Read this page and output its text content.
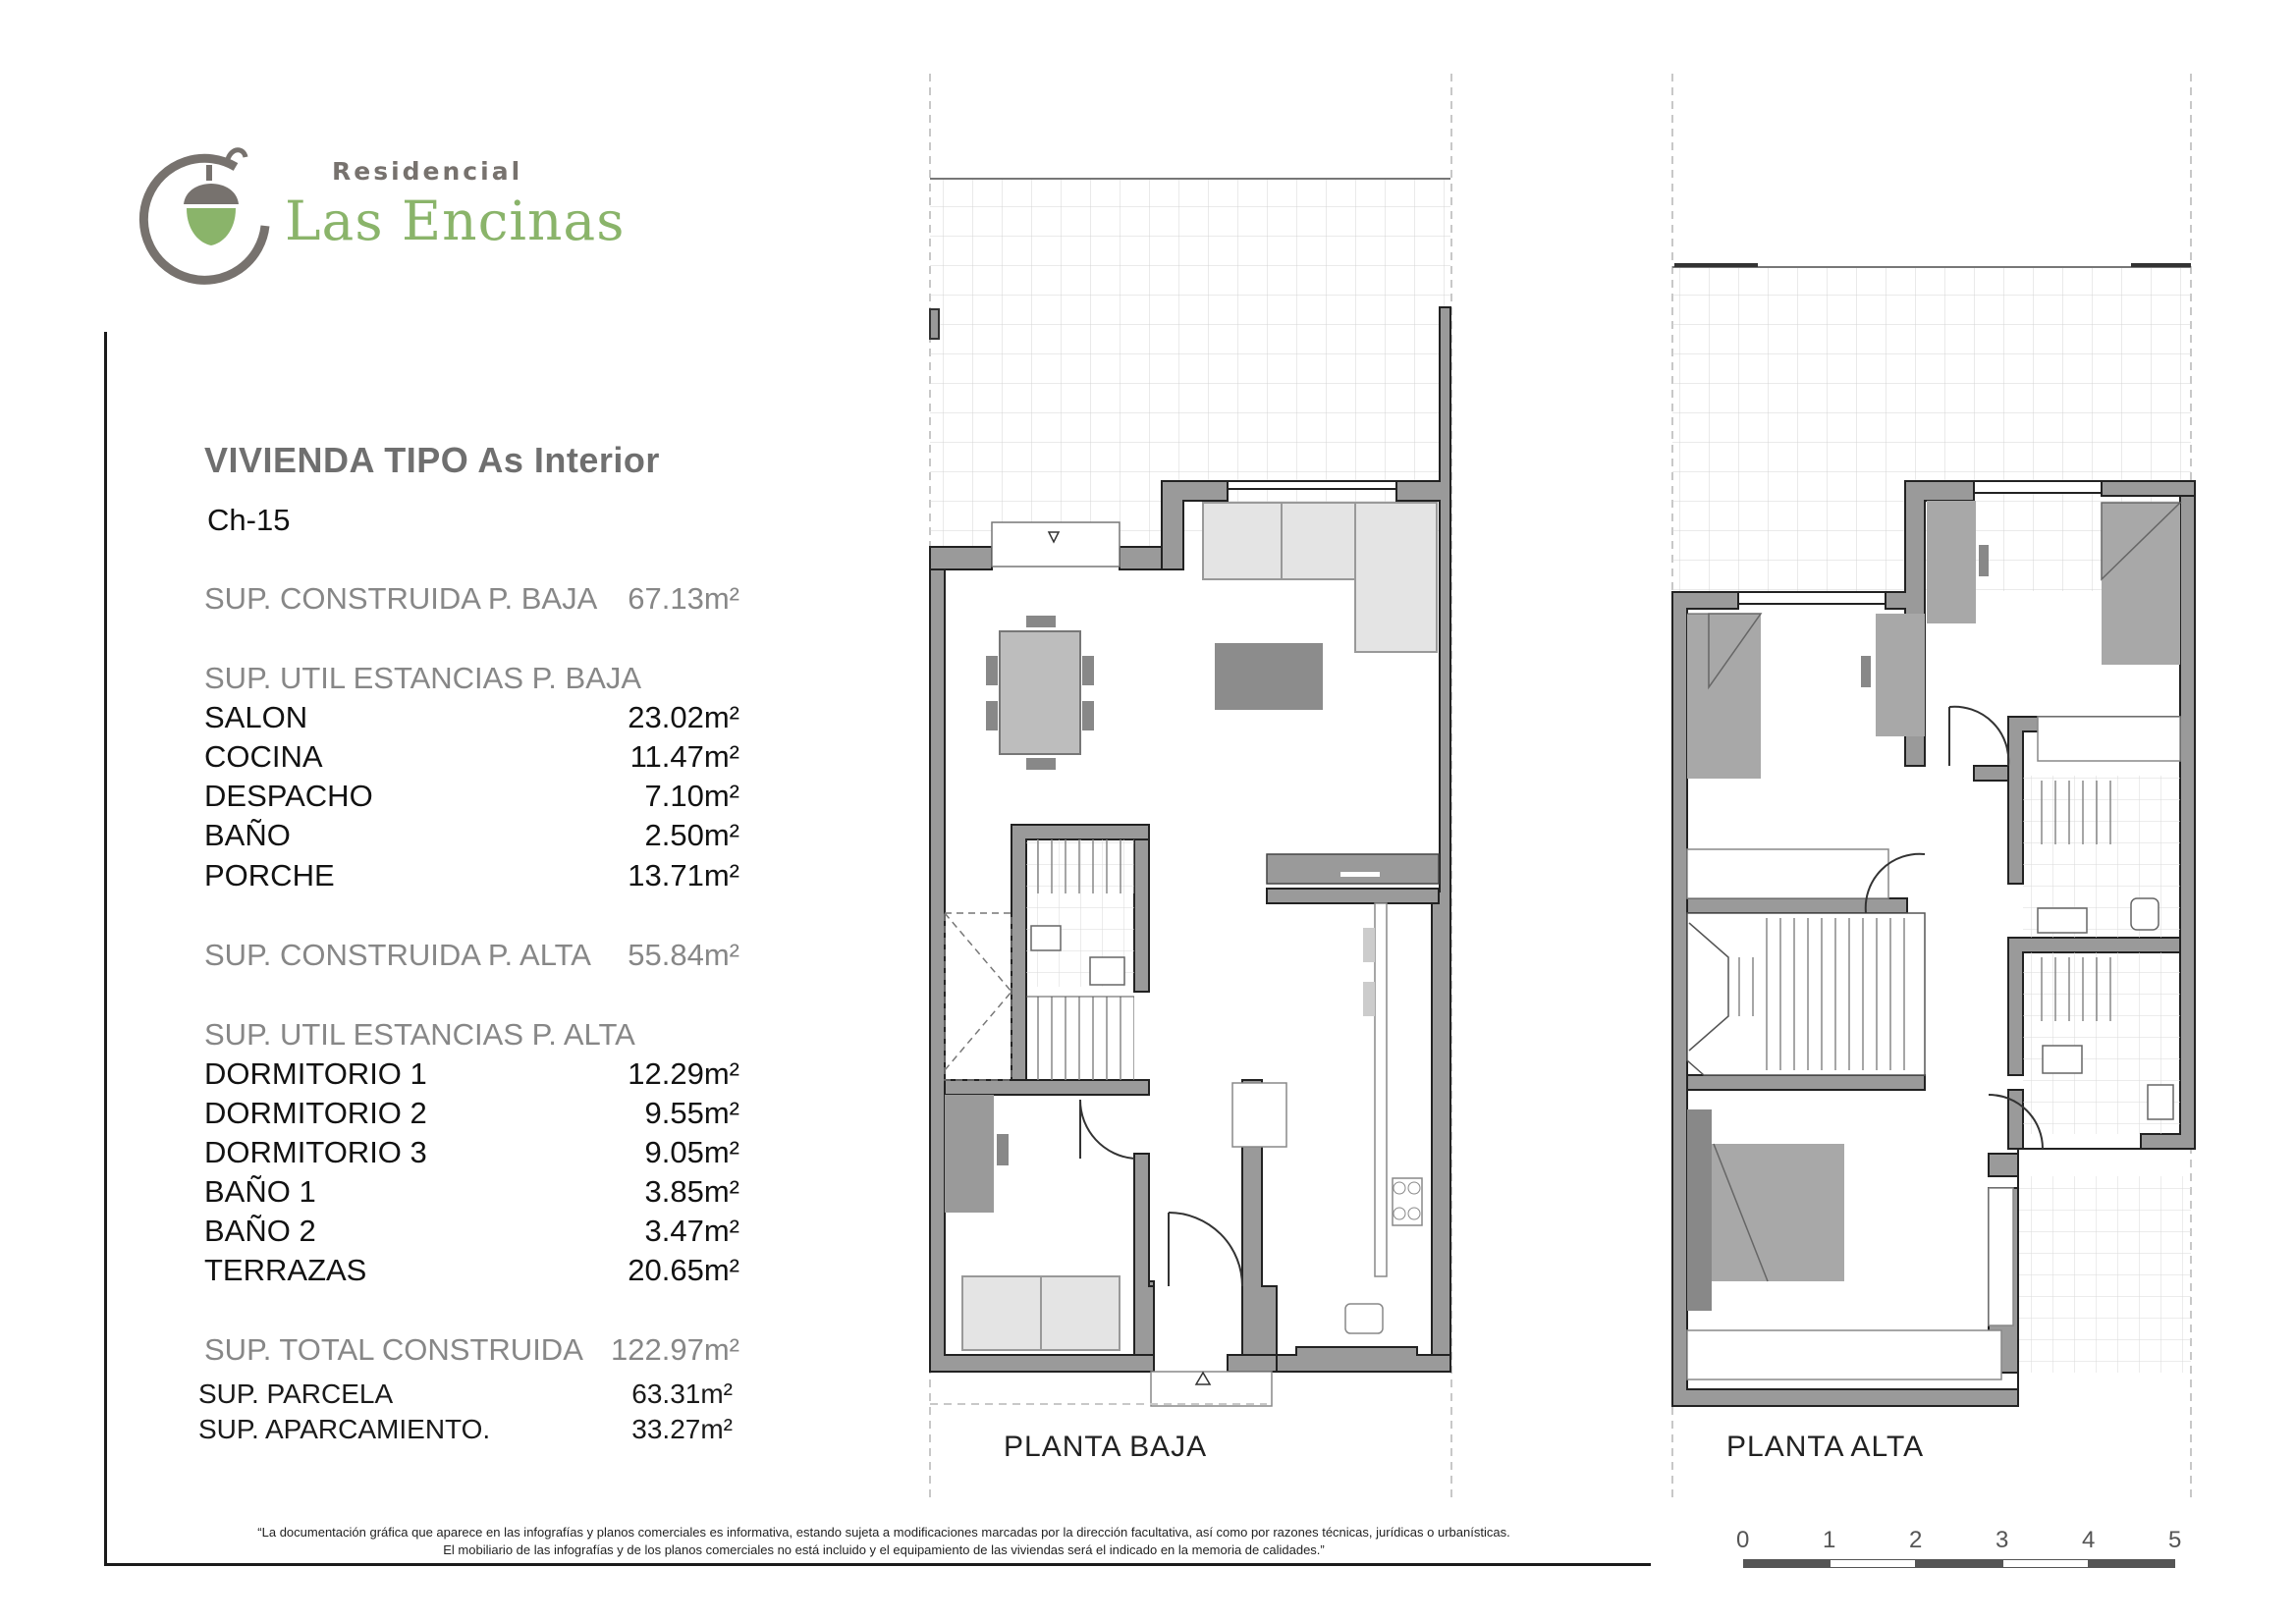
Residencial
Las Encinas
VIVIENDA TIPO As Interior
Ch-15
SUP. CONSTRUIDA P. BAJA 67.13m²
SUP. UTIL ESTANCIAS P. BAJA
SALON	23.02m²
COCINA	11.47m²
DESPACHO	7.10m²
BAÑO	2.50m²
PORCHE	13.71m²
SUP. CONSTRUIDA P. ALTA 55.84m²
SUP. UTIL ESTANCIAS P. ALTA
DORMITORIO 1	12.29m²
DORMITORIO 2	9.55m²
DORMITORIO 3	9.05m²
BAÑO 1	3.85m²
BAÑO 2	3.47m²
TERRAZAS	20.65m²
SUP. TOTAL CONSTRUIDA 122.97m²
SUP. PARCELA	63.31m²
SUP. APARCAMIENTO.	33.27m²
PLANTA BAJA	PLANTA ALTA
“La documentación gráfica que aparece en las infografías y planos comerciales es informativa, estando sujeta a modificaciones marcadas por la dirección facultativa, así como por razones técnicas, jurídicas o urbanísticas.
El mobiliario de las infografías y de los planos comerciales no está incluido y el equipamiento de las viviendas será el indicado en la memoria de calidades.”	0	1	2	3	4	5
